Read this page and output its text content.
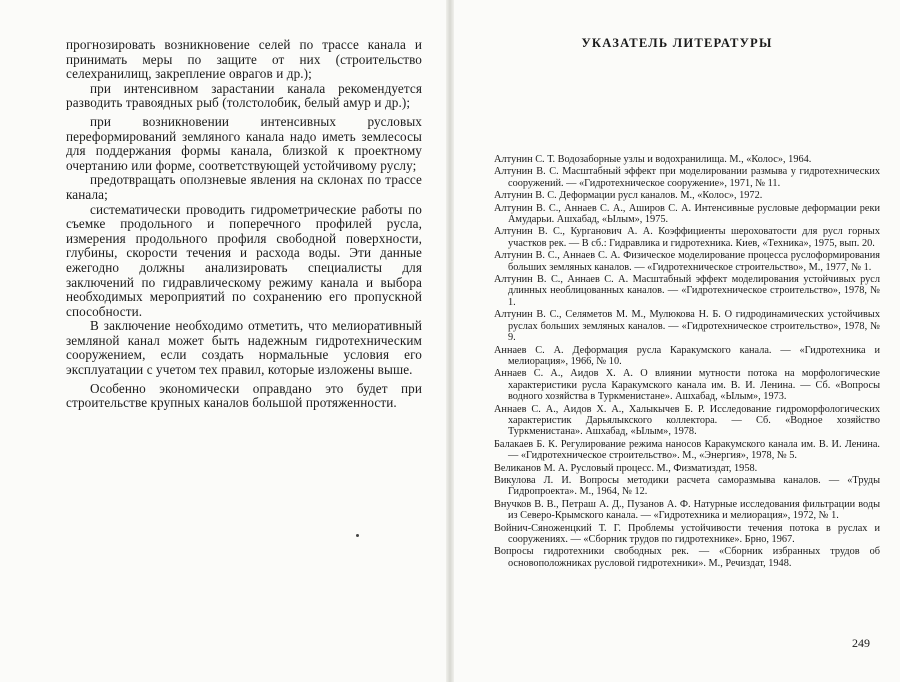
прогнозировать возникновение селей по трассе канала и принимать меры по защите от них (строительство селехранилищ, закрепление оврагов и др.);

при интенсивном зарастании канала рекомендуется разводить травоядных рыб (толстолобик, белый амур и др.);

при возникновении интенсивных русловых переформирований земляного канала надо иметь землесосы для поддержания формы канала, близкой к проектному очертанию или форме, соответствующей устойчивому руслу;

предотвращать оползневые явления на склонах по трассе канала;

систематически проводить гидрометрические работы по съемке продольного и поперечного профилей русла, измерения продольного профиля свободной поверхности, глубины, скорости течения и расхода воды. Эти данные ежегодно должны анализировать специалисты для заключений по гидравлическому режиму канала и выбора необходимых мероприятий по сохранению его пропускной способности.

В заключение необходимо отметить, что мелиоративный земляной канал может быть надежным гидротехническим сооружением, если создать нормальные условия его эксплуатации с учетом тех правил, которые изложены выше.

Особенно экономически оправдано это будет при строительстве крупных каналов большой протяженности.

УКАЗАТЕЛЬ ЛИТЕРАТУРЫ
Алтунин С. Т. Водозаборные узлы и водохранилища. М., «Колос», 1964.
Алтунин В. С. Масштабный эффект при моделировании размыва у гидротехнических сооружений. — «Гидротехническое сооружение», 1971, № 11.
Алтунин В. С. Деформации русл каналов. М., «Колос», 1972.
Алтунин В. С., Аннаев С. А., Аширов С. А. Интенсивные русловые деформации реки Амударьи. Ашхабад, «Ылым», 1975.
Алтунин В. С., Курганович А. А. Коэффициенты шероховатости для русл горных участков рек. — В сб.: Гидравлика и гидротехника. Киев, «Техника», 1975, вып. 20.
Алтунин В. С., Аннаев С. А. Физическое моделирование процесса руслоформирования больших земляных каналов. — «Гидротехническое строительство», М., 1977, № 1.
Алтунин В. С., Аннаев С. А. Масштабный эффект моделирования устойчивых русл длинных необлицованных каналов. — «Гидротехническое строительство», 1978, № 1.
Алтунин В. С., Селяметов М. М., Мулюкова Н. Б. О гидродинамических устойчивых руслах больших земляных каналов. — «Гидротехническое строительство», 1978, № 9.
Аннаев С. А. Деформация русла Каракумского канала. — «Гидротехника и мелиорация», 1966, № 10.
Аннаев С. А., Аидов Х. А. О влиянии мутности потока на морфологические характеристики русла Каракумского канала им. В. И. Ленина. — Сб. «Вопросы водного хозяйства в Туркменистане». Ашхабад, «Ылым», 1973.
Аннаев С. А., Аидов Х. А., Халыкычев Б. Р. Исследование гидроморфологических характеристик Дарьялыкского коллектора. — Сб. «Водное хозяйство Туркменистана». Ашхабад, «Ылым», 1978.
Балакаев Б. К. Регулирование режима наносов Каракумского канала им. В. И. Ленина. — «Гидротехническое строительство». М., «Энергия», 1978, № 5.
Великанов М. А. Русловый процесс. М., Физматиздат, 1958.
Викулова Л. И. Вопросы методики расчета саморазмыва каналов. — «Труды Гидропроекта». М., 1964, № 12.
Внучков В. В., Петраш А. Д., Пузанов А. Ф. Натурные исследования фильтрации воды из Северо-Крымского канала. — «Гидротехника и мелиорация», 1972, № 1.
Войнич-Сяноженцкий Т. Г. Проблемы устойчивости течения потока в руслах и сооружениях. — «Сборник трудов по гидротехнике». Брно, 1967.
Вопросы гидротехники свободных рек. — «Сборник избранных трудов об основоположниках русловой гидротехники». М., Речиздат, 1948.
249
